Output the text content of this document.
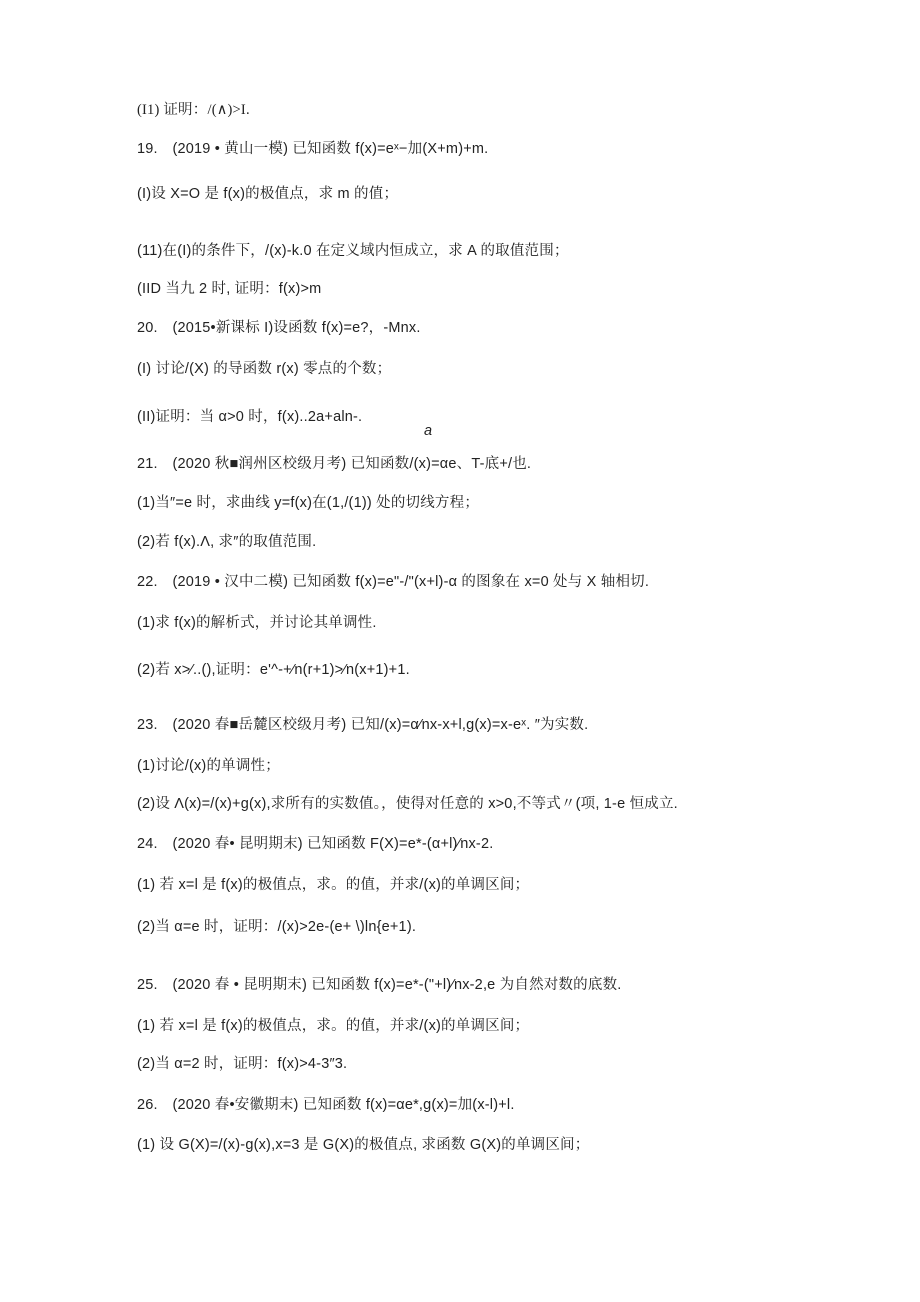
(I1) 证明：/(∧)>I.
19.　(2019 • 黄山一模) 已知函数 f(x)=eˣ−加(X+m)+m.
(I)设 X=O 是 f(x)的极值点，求 m 的值；
(11)在(I)的条件下，/(x)-k.0 在定义域内恒成立，求 A 的取值范围；
(IID 当九 2 时, 证明：f(x)>m
20.　(2015•新课标 I)设函数 f(x)=e?，-Mnx.
(I) 讨论/(X) 的导函数 r(x) 零点的个数；
(II)证明：当 α>0 时，f(x)..2a+aln-.
a
21.　(2020 秋■润州区校级月考) 已知函数/(x)=αe、T-底+/也.
(1)当″=e 时，求曲线 y=f(x)在(1,/(1)) 处的切线方程；
(2)若 f(x).Λ, 求″的取值范围.
22.　(2019 • 汉中二模) 已知函数 f(x)=e"-/"(x+l)-α 的图象在 x=0 处与 X 轴相切.
(1)求 f(x)的解析式，并讨论其单调性.
(2)若 x>⁄..(),证明：e'^-+⁄n(r+1)>⁄n(x+1)+1.
23.　(2020 春■岳麓区校级月考) 已知/(x)=α⁄nx-x+l,g(x)=x-eˣ. ″为实数.
(1)讨论/(x)的单调性；
(2)设 Λ(x)=/(x)+g(x),求所有的实数值。，使得对任意的 x>0,不等式〃(项, 1-e 恒成立.
24.　(2020 春• 昆明期末) 已知函数 F(X)=e*-(α+l)⁄nx-2.
(1) 若 x=l 是 f(x)的极值点，求。的值，并求/(x)的单调区间；
(2)当 α=e 时，证明：/(x)>2e-(e+ \)ln{e+1).
25.　(2020 春 • 昆明期末) 已知函数 f(x)=e*-("+l)⁄nx-2,e 为自然对数的底数.
(1) 若 x=l 是 f(x)的极值点，求。的值，并求/(x)的单调区间；
(2)当 α=2 时，证明：f(x)>4-3″3.
26.　(2020 春•安徽期末) 已知函数 f(x)=αe*,g(x)=加(x-l)+l.
(1) 设 G(X)=/(x)-g(x),x=3 是 G(X)的极值点, 求函数 G(X)的单调区间；
